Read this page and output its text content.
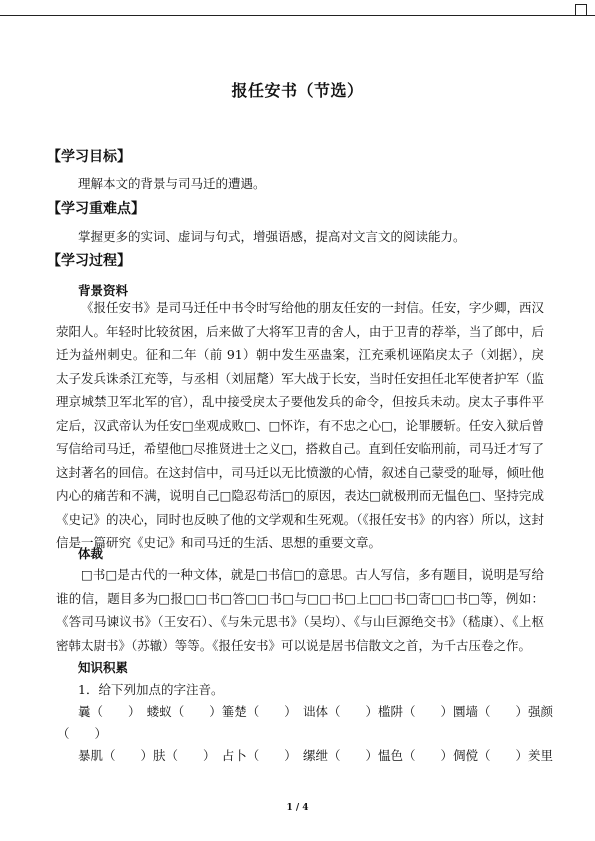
报任安书（节选）
【学习目标】
理解本文的背景与司马迁的遭遇。
【学习重难点】
掌握更多的实词、虚词与句式，增强语感，提高对文言文的阅读能力。
【学习过程】
背景资料

《报任安书》是司马迁任中书令时写给他的朋友任安的一封信。任安，字少卿，西汉荥阳人。年轻时比较贫困，后来做了大将军卫青的舍人，由于卫青的荐举，当了郎中，后迁为益州刺史。征和二年（前 91）朝中发生巫蛊案，江充乘机诬陷戾太子（刘据），戾太子发兵诛杀江充等，与丞相（刘屈氂）军大战于长安，当时任安担任北军使者护军（监理京城禁卫军北军的官），乱中接受戾太子要他发兵的命令，但按兵未动。戾太子事件平定后，汉武帝认为任安□坐观成败□、□怀诈，有不忠之心□，论罪腰斩。任安入狱后曾写信给司马迁，希望他□尽推贤进士之义□，搭救自己。直到任安临刑前，司马迁才写了这封著名的回信。在这封信中，司马迁以无比愤激的心情，叙述自己蒙受的耻辱，倾吐他内心的痛苦和不满，说明自己□隐忍苟活□的原因，表达□就极刑而无愠色□、坚持完成《史记》的决心，同时也反映了他的文学观和生死观。（《报任安书》的内容）所以，这封信是一篇研究《史记》和司马迁的生活、思想的重要文章。

体裁

□书□是古代的一种文体，就是□书信□的意思。古人写信，多有题目，说明是写给谁的信，题目多为□报□□书□答□□书□与□□书□上□□书□寄□□书□等，例如：《答司马谏议书》（王安石）、《与朱元思书》（吴均）、《与山巨源绝交书》（嵇康）、《上枢密韩太尉书》（苏辙）等等。《报任安书》可以说是居书信散文之首，为千古压卷之作。

知识积累
1．给下列加点的字注音。
曩（　　）　蝼蚁（　　）箠楚（　　）　诎体（　　）槛阱（　　）圜墙（　　）强颜
（　　）
暴肌（　　）肤（　　）　占卜（　　）　缧绁（　　）愠色（　　）倜傥（　　）羑里
1 / 4
